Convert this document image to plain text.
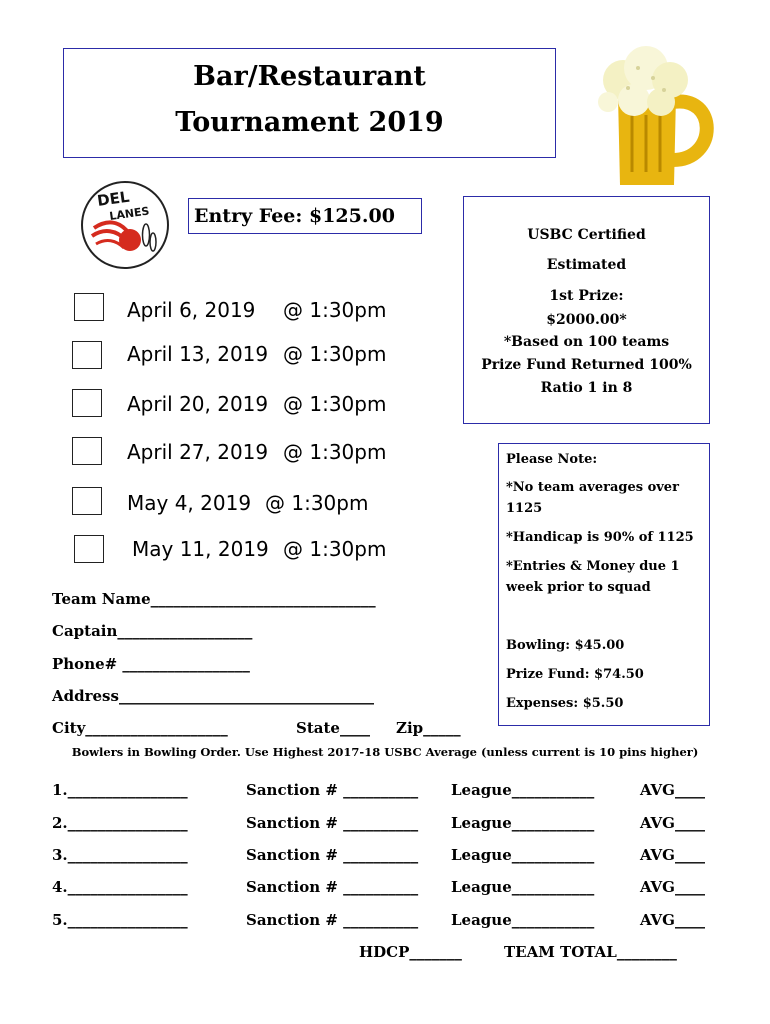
Bar/Restaurant
Tournament 2019
DEL
LANES	Entry Fee: $125.00
USBC Certified
Estimated
1st Prize:
$2000.00*
*Based on 100 teams
Prize Fund Returned 100%
Ratio 1 in 8
April 6, 2019 @ 1:30pm
April 13, 2019 @ 1:30pm
April 20, 2019 @ 1:30pm
April 27, 2019 @ 1:30pm
May 4, 2019 @ 1:30pm
May 11, 2019 @ 1:30pm
Please Note:
*No team averages over 1125
*Handicap is 90% of 1125
*Entries & Money due 1 week prior to squad
Bowling: $45.00
Prize Fund: $74.50
Expenses: $5.50
Team Name______________________________
Captain__________________
Phone# _________________
Address__________________________________
City___________________	State____ Zip_____
Bowlers in Bowling Order. Use Highest 2017-18 USBC Average (unless current is 10 pins higher)
1.________________	Sanction # __________ League___________	AVG____
2.________________	Sanction # __________ League___________	AVG____
3.________________	Sanction # __________ League___________	AVG____
4.________________	Sanction # __________ League___________	AVG____
5.________________	Sanction # __________ League___________	AVG____
HDCP_______	TEAM TOTAL________
